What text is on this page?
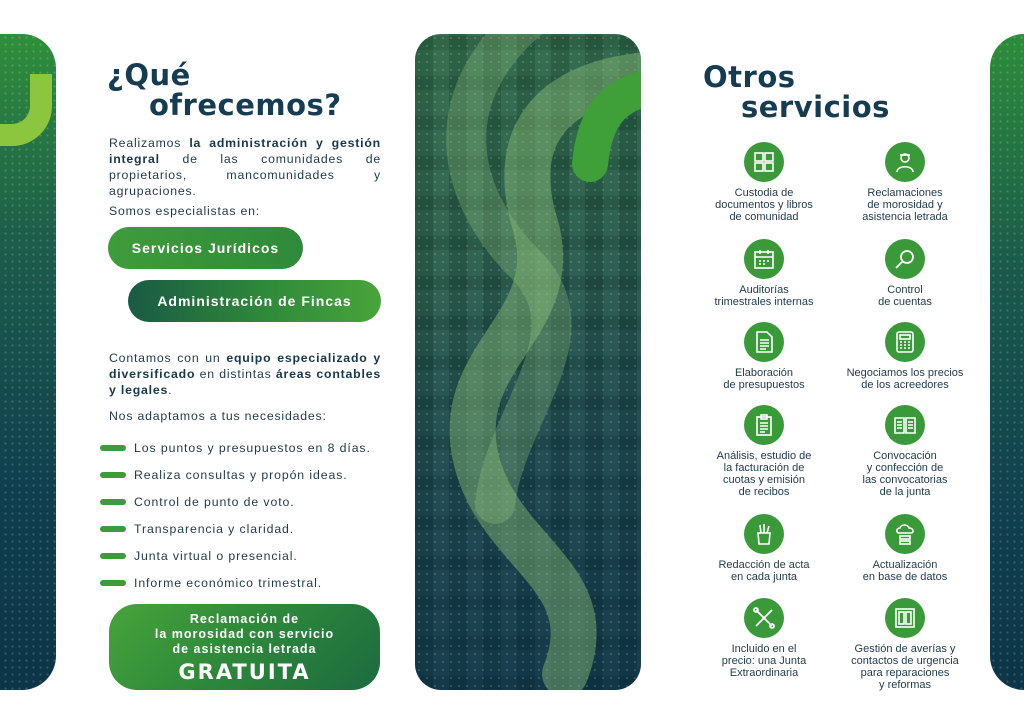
¿Qué
ofrecemos?

Realizamos la administración y gestión integral de las comunidades de propietarios, mancomunidades y agrupaciones.

Somos especialistas en:

Servicios Jurídicos
Administración de Fincas

Contamos con un equipo especializado y diversificado en distintas áreas contables y legales.

Nos adaptamos a tus necesidades:

Los puntos y presupuestos en 8 días.
Realiza consultas y propón ideas.
Control de punto de voto.
Transparencia y claridad.
Junta virtual o presencial.
Informe económico trimestral.
Reclamación de
la morosidad con servicio
de asistencia letrada
GRATUITA
Otros
servicios
Custodia de
documentos y libros
de comunidad
Reclamaciones
de morosidad y
asistencia letrada
Auditorías
trimestrales internas
Control
de cuentas
Elaboración
de presupuestos
Negociamos los precios
de los acreedores
Análisis, estudio de
la facturación de
cuotas y emisión
de recibos
Convocación
y confección de
las convocatorias
de la junta
Redacción de acta
en cada junta
Actualización
en base de datos
Incluido en el
precio: una Junta
Extraordinaria
Gestión de averías y
contactos de urgencia
para reparaciones
y reformas
